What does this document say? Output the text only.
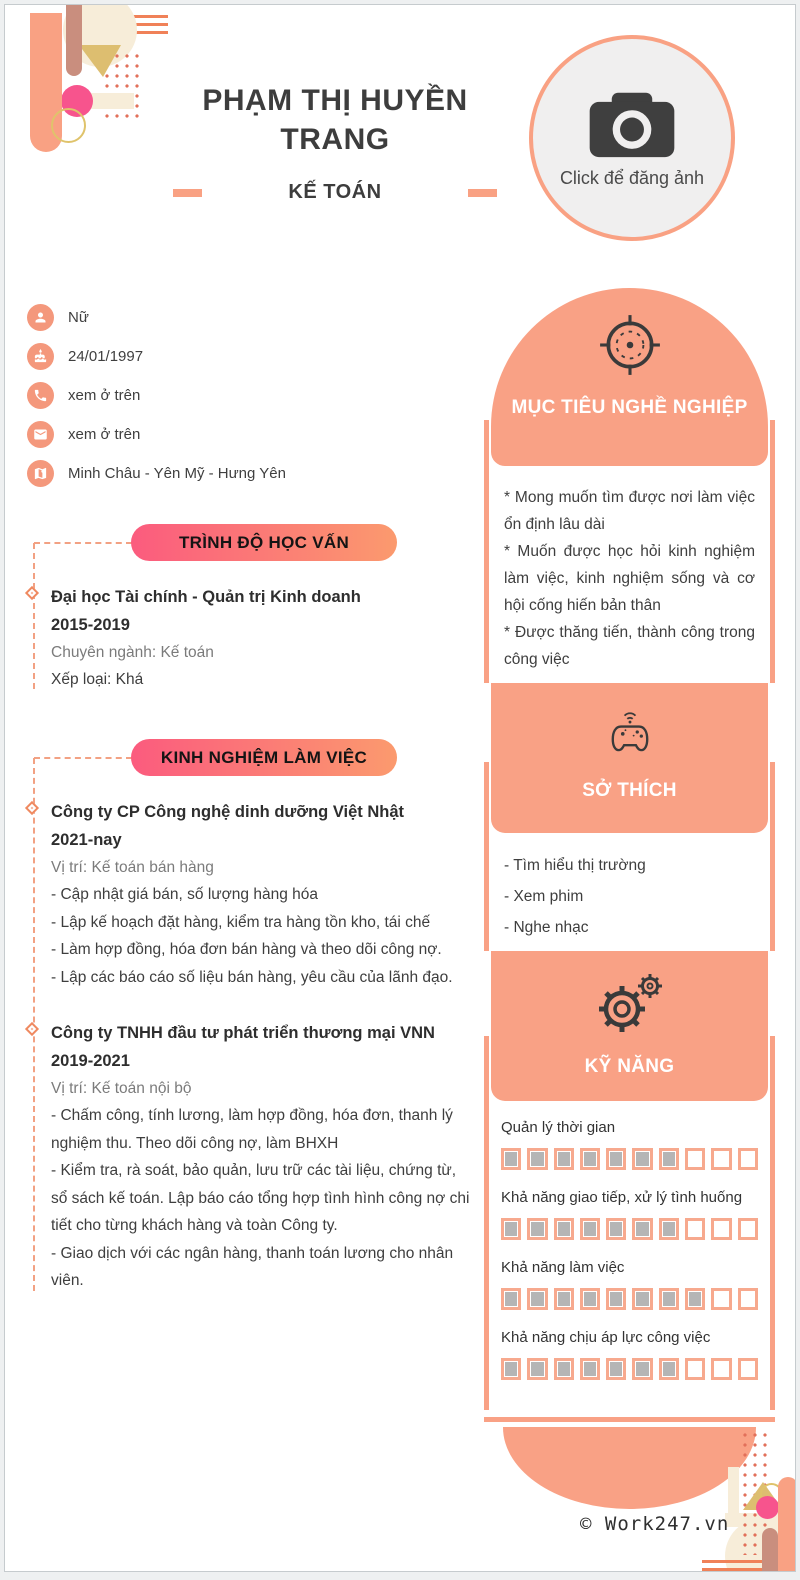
PHẠM THỊ HUYỀN TRANG
KẾ TOÁN
Click để đăng ảnh
Nữ
24/01/1997
xem ở trên
xem ở trên
Minh Châu - Yên Mỹ - Hưng Yên
TRÌNH ĐỘ HỌC VẤN
Đại học Tài chính - Quản trị Kinh doanh
2015-2019
Chuyên ngành: Kế toán
Xếp loại: Khá
KINH NGHIỆM LÀM VIỆC
Công ty CP Công nghệ dinh dưỡng Việt Nhật
2021-nay
Vị trí: Kế toán bán hàng
- Cập nhật giá bán, số lượng hàng hóa
- Lập kế hoạch đặt hàng, kiểm tra hàng tồn kho, tái chế
- Làm hợp đồng, hóa đơn bán hàng và theo dõi công nợ.
- Lập các báo cáo số liệu bán hàng, yêu cầu của lãnh đạo.
Công ty TNHH đầu tư phát triển thương mại VNN
2019-2021
Vị trí: Kế toán nội bộ
- Chấm công, tính lương, làm hợp đồng, hóa đơn, thanh lý nghiệm thu. Theo dõi công nợ, làm BHXH
- Kiểm tra, rà soát, bảo quản, lưu trữ các tài liệu, chứng từ, sổ sách kế toán. Lập báo cáo tổng hợp tình hình công nợ chi tiết cho từng khách hàng và toàn Công ty.
- Giao dịch với các ngân hàng, thanh toán lương cho nhân viên.
MỤC TIÊU NGHỀ NGHIỆP
* Mong muốn tìm được nơi làm việc ổn định lâu dài
* Muốn được học hỏi kinh nghiệm làm việc, kinh nghiệm sống và cơ hội cống hiến bản thân
* Được thăng tiến, thành công trong công việc
SỞ THÍCH
- Tìm hiểu thị trường
- Xem phim
- Nghe nhạc
KỸ NĂNG
Quản lý thời gian
Khả năng giao tiếp, xử lý tình huống
Khả năng làm việc
Khả năng chịu áp lực công việc
© Work247.vn
